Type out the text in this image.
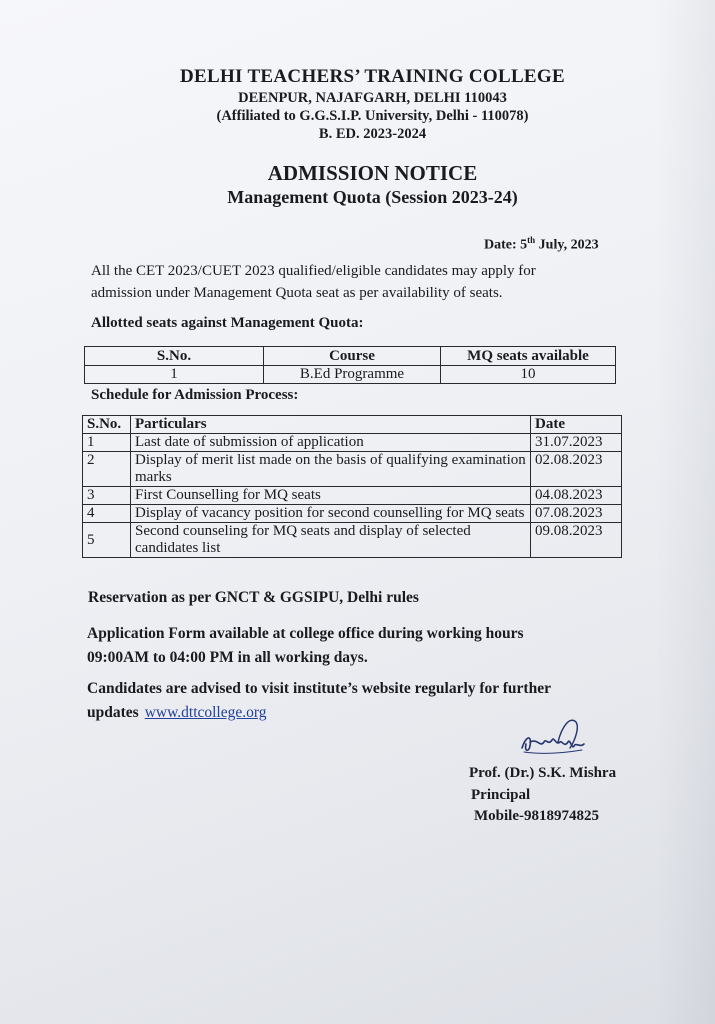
DELHI TEACHERS’ TRAINING COLLEGE
DEENPUR, NAJAFGARH, DELHI 110043
(Affiliated to G.G.S.I.P. University, Delhi - 110078)
B. ED. 2023-2024
ADMISSION NOTICE
Management Quota (Session 2023-24)
Date: 5th July, 2023
All the CET 2023/CUET 2023 qualified/eligible candidates may apply for
admission under Management Quota seat as per availability of seats.
Allotted seats against Management Quota:
S.No.	Course	MQ seats available
1	B.Ed Programme	10
Schedule for Admission Process:
S.No.	Particulars	Date
1	Last date of submission of application	31.07.2023
2	Display of merit list made on the basis of qualifying examination marks	02.08.2023
3	First Counselling for MQ seats	04.08.2023
4	Display of vacancy position for second counselling for MQ seats	07.08.2023
5	Second counseling for MQ seats and display of selected candidates list	09.08.2023
Reservation as per GNCT & GGSIPU, Delhi rules
Application Form available at college office during working hours
09:00AM to 04:00 PM in all working days.
Candidates are advised to visit institute’s website regularly for further
updates www.dttcollege.org
Prof. (Dr.) S.K. Mishra
Principal
Mobile-9818974825
